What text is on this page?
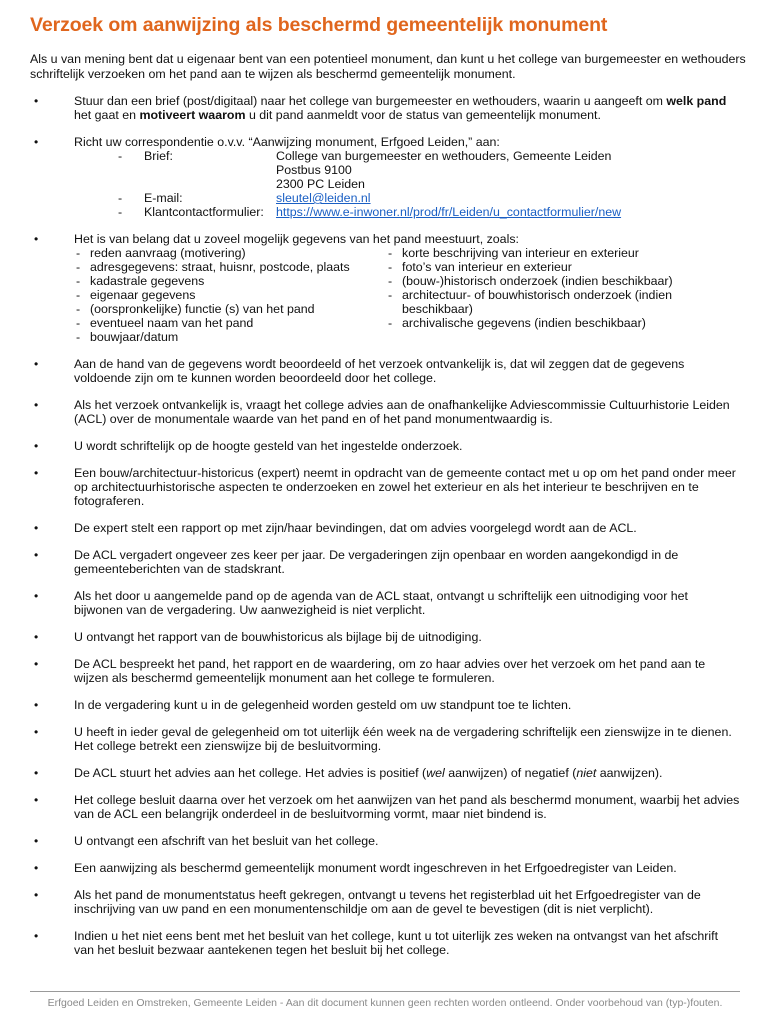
Verzoek om aanwijzing als beschermd gemeentelijk monument

Als u van mening bent dat u eigenaar bent van een potentieel monument, dan kunt u het college van burgemeester en wethouders schriftelijk verzoeken om het pand aan te wijzen als beschermd gemeentelijk monument.

• Stuur dan een brief (post/digitaal) naar het college van burgemeester en wethouders, waarin u aangeeft om welk pand het gaat en motiveert waarom u dit pand aanmeldt voor de status van gemeentelijk monument.
• Richt uw correspondentie o.v.v. “Aanwijzing monument, Erfgoed Leiden,” aan:
-	Brief:	College van burgemeester en wethouders, Gemeente Leiden
Postbus 9100
2300 PC Leiden
-	E-mail:	sleutel@leiden.nl
-	Klantcontactformulier: https://www.e-inwoner.nl/prod/fr/Leiden/u_contactformulier/new
• Het is van belang dat u zoveel mogelijk gegevens van het pand meestuurt, zoals:
- reden aanvraag (motivering)
- adresgegevens: straat, huisnr, postcode, plaats
- kadastrale gegevens
- eigenaar gegevens
- (oorspronkelijke) functie (s) van het pand
- eventueel naam van het pand
- bouwjaar/datum
- korte beschrijving van interieur en exterieur
- foto’s van interieur en exterieur
- (bouw-)historisch onderzoek (indien beschikbaar)
- architectuur- of bouwhistorisch onderzoek (indien
beschikbaar)
- archivalische gegevens (indien beschikbaar)
• Aan de hand van de gegevens wordt beoordeeld of het verzoek ontvankelijk is, dat wil zeggen dat de gegevens voldoende zijn om te kunnen worden beoordeeld door het college.
• Als het verzoek ontvankelijk is, vraagt het college advies aan de onafhankelijke Adviescommissie Cultuurhistorie Leiden (ACL) over de monumentale waarde van het pand en of het pand monumentwaardig is.
• U wordt schriftelijk op de hoogte gesteld van het ingestelde onderzoek.
• Een bouw/architectuur-historicus (expert) neemt in opdracht van de gemeente contact met u op om het pand onder meer op architectuurhistorische aspecten te onderzoeken en zowel het exterieur en als het interieur te beschrijven en te fotograferen.
• De expert stelt een rapport op met zijn/haar bevindingen, dat om advies voorgelegd wordt aan de ACL.
• De ACL vergadert ongeveer zes keer per jaar. De vergaderingen zijn openbaar en worden aangekondigd in de gemeenteberichten van de stadskrant.
• Als het door u aangemelde pand op de agenda van de ACL staat, ontvangt u schriftelijk een uitnodiging voor het bijwonen van de vergadering. Uw aanwezigheid is niet verplicht.
• U ontvangt het rapport van de bouwhistoricus als bijlage bij de uitnodiging.
• De ACL bespreekt het pand, het rapport en de waardering, om zo haar advies over het verzoek om het pand aan te wijzen als beschermd gemeentelijk monument aan het college te formuleren.
• In de vergadering kunt u in de gelegenheid worden gesteld om uw standpunt toe te lichten.
• U heeft in ieder geval de gelegenheid om tot uiterlijk één week na de vergadering schriftelijk een zienswijze in te dienen. Het college betrekt een zienswijze bij de besluitvorming.
• De ACL stuurt het advies aan het college. Het advies is positief (wel aanwijzen) of negatief (niet aanwijzen).
• Het college besluit daarna over het verzoek om het aanwijzen van het pand als beschermd monument, waarbij het advies van de ACL een belangrijk onderdeel in de besluitvorming vormt, maar niet bindend is.
• U ontvangt een afschrift van het besluit van het college.
• Een aanwijzing als beschermd gemeentelijk monument wordt ingeschreven in het Erfgoedregister van Leiden.
• Als het pand de monumentstatus heeft gekregen, ontvangt u tevens het registerblad uit het Erfgoedregister van de inschrijving van uw pand en een monumentenschildje om aan de gevel te bevestigen (dit is niet verplicht).
• Indien u het niet eens bent met het besluit van het college, kunt u tot uiterlijk zes weken na ontvangst van het afschrift van het besluit bezwaar aantekenen tegen het besluit bij het college.
Erfgoed Leiden en Omstreken, Gemeente Leiden - Aan dit document kunnen geen rechten worden ontleend. Onder voorbehoud van (typ-)fouten.
